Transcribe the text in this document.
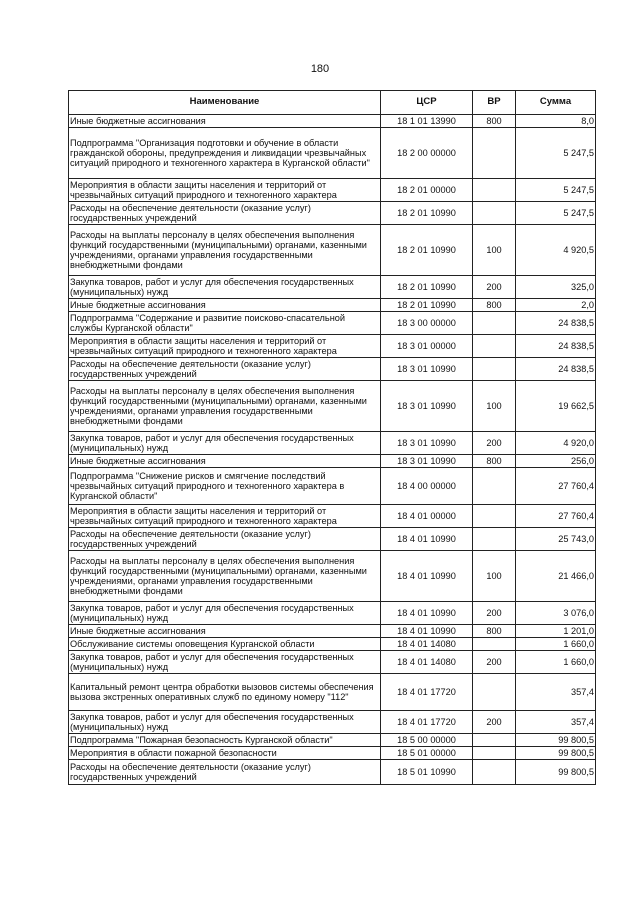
180
Наименование	ЦСР	ВР	Сумма
Иные бюджетные ассигнования	18 1 01 13990	800	8,0
Подпрограмма "Организация подготовки и обучение в области гражданской обороны, предупреждения и ликвидации чрезвычайных ситуаций природного и техногенного характера в Курганской области"	18 2 00 00000		5 247,5
Мероприятия в области защиты населения и территорий от чрезвычайных ситуаций природного и техногенного характера	18 2 01 00000		5 247,5
Расходы на обеспечение деятельности (оказание услуг) государственных учреждений	18 2 01 10990		5 247,5
Расходы на выплаты персоналу в целях обеспечения выполнения функций государственными (муниципальными) органами, казенными учреждениями, органами управления государственными внебюджетными фондами	18 2 01 10990	100	4 920,5
Закупка товаров, работ и услуг для обеспечения государственных (муниципальных) нужд	18 2 01 10990	200	325,0
Иные бюджетные ассигнования	18 2 01 10990	800	2,0
Подпрограмма "Содержание и развитие поисково-спасательной службы Курганской области"	18 3 00 00000		24 838,5
Мероприятия в области защиты населения и территорий от чрезвычайных ситуаций природного и техногенного характера	18 3 01 00000		24 838,5
Расходы на обеспечение деятельности (оказание услуг) государственных учреждений	18 3 01 10990		24 838,5
Расходы на выплаты персоналу в целях обеспечения выполнения функций государственными (муниципальными) органами, казенными учреждениями, органами управления государственными внебюджетными фондами	18 3 01 10990	100	19 662,5
Закупка товаров, работ и услуг для обеспечения государственных (муниципальных) нужд	18 3 01 10990	200	4 920,0
Иные бюджетные ассигнования	18 3 01 10990	800	256,0
Подпрограмма "Снижение рисков и смягчение последствий чрезвычайных ситуаций природного и техногенного характера в Курганской области"	18 4 00 00000		27 760,4
Мероприятия в области защиты населения и территорий от чрезвычайных ситуаций природного и техногенного характера	18 4 01 00000		27 760,4
Расходы на обеспечение деятельности (оказание услуг) государственных учреждений	18 4 01 10990		25 743,0
Расходы на выплаты персоналу в целях обеспечения выполнения функций государственными (муниципальными) органами, казенными учреждениями, органами управления государственными внебюджетными фондами	18 4 01 10990	100	21 466,0
Закупка товаров, работ и услуг для обеспечения государственных (муниципальных) нужд	18 4 01 10990	200	3 076,0
Иные бюджетные ассигнования	18 4 01 10990	800	1 201,0
Обслуживание системы оповещения Курганской области	18 4 01 14080		1 660,0
Закупка товаров, работ и услуг для обеспечения государственных (муниципальных) нужд	18 4 01 14080	200	1 660,0
Капитальный ремонт центра обработки вызовов системы обеспечения вызова экстренных оперативных служб по единому номеру "112"	18 4 01 17720		357,4
Закупка товаров, работ и услуг для обеспечения государственных (муниципальных) нужд	18 4 01 17720	200	357,4
Подпрограмма "Пожарная безопасность Курганской области"	18 5 00 00000		99 800,5
Мероприятия в области пожарной безопасности	18 5 01 00000		99 800,5
Расходы на обеспечение деятельности (оказание услуг) государственных учреждений	18 5 01 10990		99 800,5
